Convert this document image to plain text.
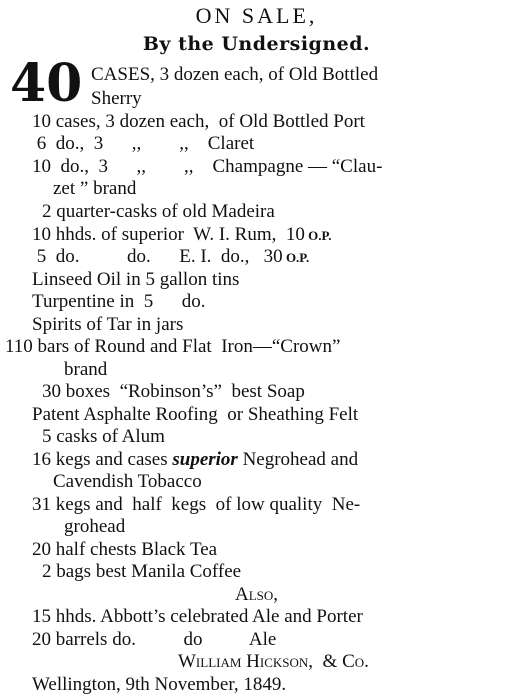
ON SALE,
By the Undersigned.
40 CASES, 3 dozen each, of Old Bottled
Sherry
10 cases, 3 dozen each,  of Old Bottled Port
6  do.,  3      ,,        ,,    Claret
10  do.,  3      ,,        ,,    Champagne — “Clau-
zet ” brand
2 quarter-casks of old Madeira
10 hhds. of superior  W. I. Rum,  10 O.P.
5  do.          do.      E. I.  do.,   30 O.P.
Linseed Oil in 5 gallon tins
Turpentine in  5      do.
Spirits of Tar in jars
110 bars of Round and Flat  Iron—“Crown”
brand
30 boxes  “Robinson’s”  best Soap
Patent Asphalte Roofing  or Sheathing Felt
5 casks of Alum
16 kegs and cases superior Negrohead and
Cavendish Tobacco
31 kegs and  half  kegs  of low quality  Ne-
grohead
20 half chests Black Tea
2 bags best Manila Coffee
Also,
15 hhds. Abbott’s celebrated Ale and Porter
20 barrels do.          do          Ale
William Hickson,  & Co.
Wellington, 9th November, 1849.
